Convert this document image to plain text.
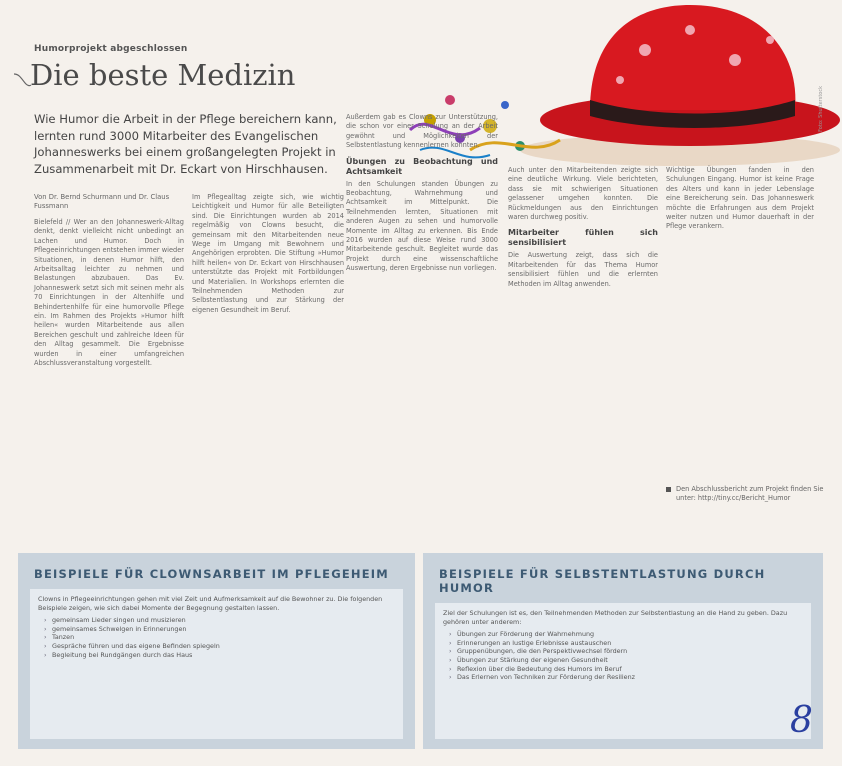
Humorprojekt abgeschlossen
Die beste Medizin

Wie Humor die Arbeit in der Pflege bereichern kann, lernten rund 3000 Mitarbeiter des Evangelischen Johanneswerks bei einem großangelegten Projekt in Zusammenarbeit mit Dr. Eckart von Hirschhausen.

Foto: Shutterstock
Von Dr. Bernd Schurmann und Dr. Claus Fussmann

Bielefeld // Wer an den Johanneswerk-Alltag denkt, denkt vielleicht nicht unbedingt an Lachen und Humor. Doch in Pflegeeinrichtungen entstehen immer wieder Situationen, in denen Humor hilft, den Arbeitsalltag leichter zu nehmen und Belastungen abzubauen. Das Ev. Johanneswerk setzt sich mit seinen mehr als 70 Einrichtungen in der Altenhilfe und Behindertenhilfe für eine humorvolle Pflege ein. Im Rahmen des Projekts »Humor hilft heilen« wurden Mitarbeitende aus allen Bereichen geschult und zahlreiche Ideen für den Alltag gesammelt. Die Ergebnisse wurden in einer umfangreichen Abschlussveranstaltung vorgestellt.

Im Pflegealltag zeigte sich, wie wichtig Leichtigkeit und Humor für alle Beteiligten sind. Die Einrichtungen wurden ab 2014 regelmäßig von Clowns besucht, die gemeinsam mit den Mitarbeitenden neue Wege im Umgang mit Bewohnern und Angehörigen erprobten. Die Stiftung »Humor hilft heilen« von Dr. Eckart von Hirschhausen unterstützte das Projekt mit Fortbildungen und Materialien. In Workshops erlernten die Teilnehmenden Methoden zur Selbstentlastung und zur Stärkung der eigenen Gesundheit im Beruf.

Außerdem gab es Clowns zur Unterstützung, die schon vor einer Schulung an der Arbeit gewöhnt und Möglichkeiten der Selbstentlastung kennenlernen konnten.

Übungen zu Beobachtung und Achtsamkeit

In den Schulungen standen Übungen zu Beobachtung, Wahrnehmung und Achtsamkeit im Mittelpunkt. Die Teilnehmenden lernten, Situationen mit anderen Augen zu sehen und humorvolle Momente im Alltag zu erkennen. Bis Ende 2016 wurden auf diese Weise rund 3000 Mitarbeitende geschult. Begleitet wurde das Projekt durch eine wissenschaftliche Auswertung, deren Ergebnisse nun vorliegen.

Auch unter den Mitarbeitenden zeigte sich eine deutliche Wirkung. Viele berichteten, dass sie mit schwierigen Situationen gelassener umgehen konnten. Die Rückmeldungen aus den Einrichtungen waren durchweg positiv.

Mitarbeiter fühlen sich sensibilisiert

Die Auswertung zeigt, dass sich die Mitarbeitenden für das Thema Humor sensibilisiert fühlen und die erlernten Methoden im Alltag anwenden.

Wichtige Übungen fanden in den Schulungen Eingang. Humor ist keine Frage des Alters und kann in jeder Lebenslage eine Bereicherung sein. Das Johanneswerk möchte die Erfahrungen aus dem Projekt weiter nutzen und Humor dauerhaft in der Pflege verankern.

Den Abschlussbericht zum Projekt finden Sie unter: http://tiny.cc/Bericht_Humor
BEISPIELE FÜR CLOWNSARBEIT IM PFLEGEHEIM
Clowns in Pflegeeinrichtungen gehen mit viel Zeit und Aufmerksamkeit auf die Bewohner zu. Die folgenden Beispiele zeigen, wie sich dabei Momente der Begegnung gestalten lassen.
› gemeinsam Lieder singen und musizieren
› gemeinsames Schwelgen in Erinnerungen
› Tanzen
› Gespräche führen und das eigene Befinden spiegeln
› Begleitung bei Rundgängen durch das Haus
BEISPIELE FÜR SELBSTENTLASTUNG DURCH HUMOR
Ziel der Schulungen ist es, den Teilnehmenden Methoden zur Selbstentlastung an die Hand zu geben. Dazu gehören unter anderem:
› Übungen zur Förderung der Wahrnehmung
› Erinnerungen an lustige Erlebnisse austauschen
› Gruppenübungen, die den Perspektivwechsel fördern
› Übungen zur Stärkung der eigenen Gesundheit
› Reflexion über die Bedeutung des Humors im Beruf
› Das Erlernen von Techniken zur Förderung der Resilienz
8
